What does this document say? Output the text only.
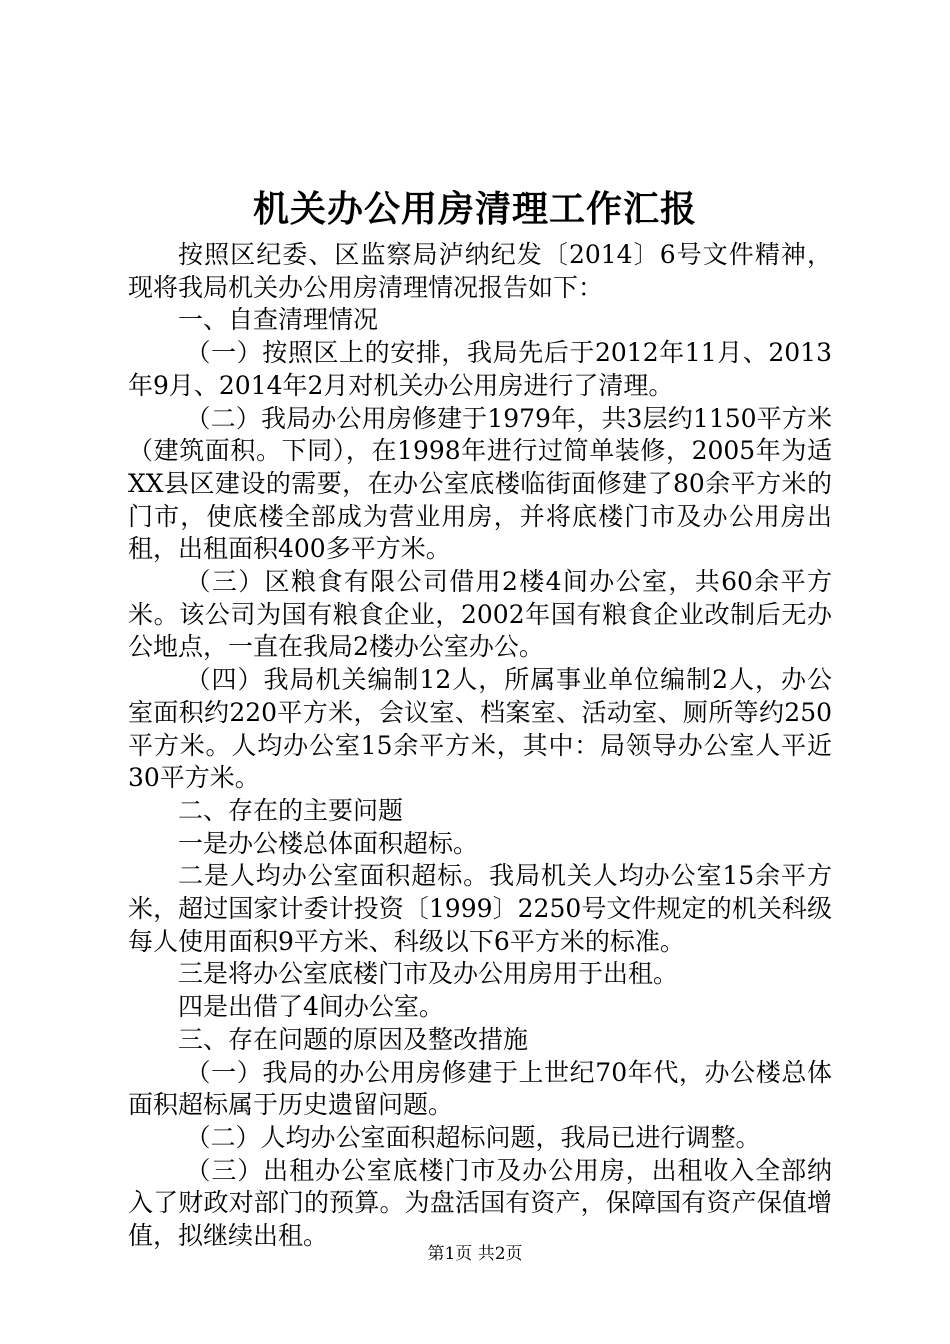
机关办公用房清理工作汇报

按照区纪委、区监察局泸纳纪发〔2014〕6号文件精神，现将我局机关办公用房清理情况报告如下：

一、自查清理情况

（一）按照区上的安排，我局先后于2012年11月、2013年9月、2014年2月对机关办公用房进行了清理。

（二）我局办公用房修建于1979年，共3层约1150平方米（建筑面积。下同），在1998年进行过简单装修，2005年为适XX县区建设的需要，在办公室底楼临街面修建了80余平方米的门市，使底楼全部成为营业用房，并将底楼门市及办公用房出租，出租面积400多平方米。

（三）区粮食有限公司借用2楼4间办公室，共60余平方米。该公司为国有粮食企业，2002年国有粮食企业改制后无办公地点，一直在我局2楼办公室办公。

（四）我局机关编制12人，所属事业单位编制2人，办公室面积约220平方米，会议室、档案室、活动室、厕所等约250平方米。人均办公室15余平方米，其中：局领导办公室人平近30平方米。

二、存在的主要问题

一是办公楼总体面积超标。

二是人均办公室面积超标。我局机关人均办公室15余平方米，超过国家计委计投资〔1999〕2250号文件规定的机关科级每人使用面积9平方米、科级以下6平方米的标准。

三是将办公室底楼门市及办公用房用于出租。

四是出借了4间办公室。

三、存在问题的原因及整改措施

（一）我局的办公用房修建于上世纪70年代，办公楼总体面积超标属于历史遗留问题。

（二）人均办公室面积超标问题，我局已进行调整。

（三）出租办公室底楼门市及办公用房，出租收入全部纳入了财政对部门的预算。为盘活国有资产，保障国有资产保值增值，拟继续出租。

第1页 共2页
